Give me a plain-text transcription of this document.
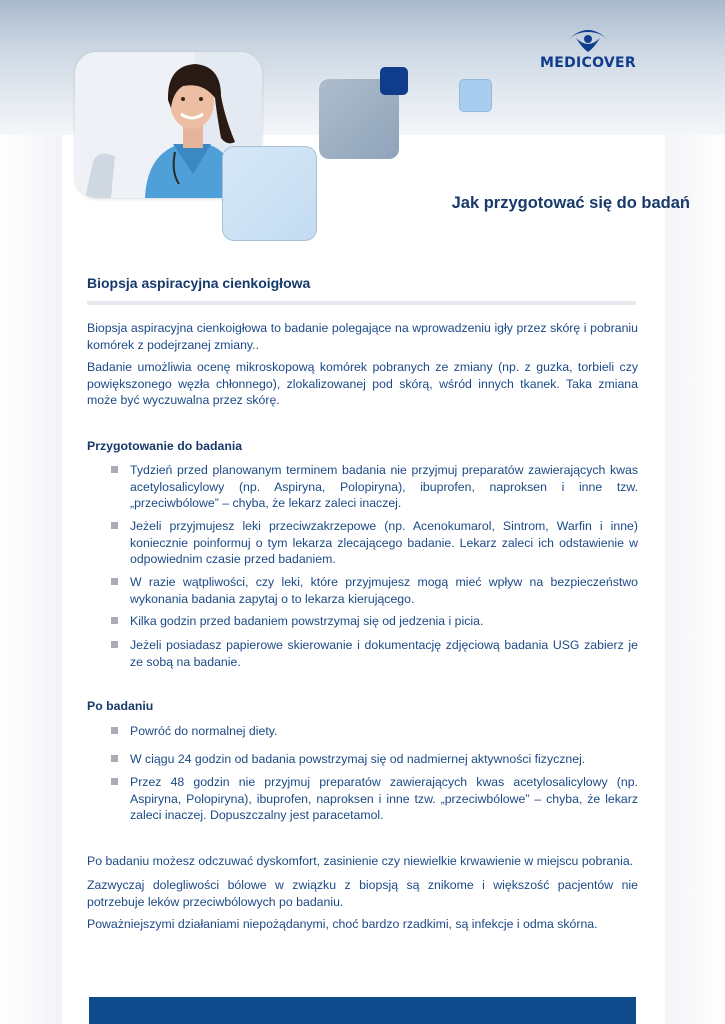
MEDICOVER
Jak przygotować się do badań
Biopsja aspiracyjna cienkoigłowa

Biopsja aspiracyjna cienkoigłowa to badanie polegające na wprowadzeniu igły przez skórę i pobraniu komórek z podejrzanej zmiany..

Badanie umożliwia ocenę mikroskopową komórek pobranych ze zmiany (np. z guzka, torbieli czy powiększonego węzła chłonnego), zlokalizowanej pod skórą, wśród innych tkanek. Taka zmiana może być wyczuwalna przez skórę.

Przygotowanie do badania
Tydzień przed planowanym terminem badania nie przyjmuj preparatów zawierających kwas acetylosalicylowy (np. Aspiryna, Polopiryna), ibuprofen, naproksen i inne tzw. „przeciwbólowe” – chyba, że lekarz zaleci inaczej.
Jeżeli przyjmujesz leki przeciwzakrzepowe (np. Acenokumarol, Sintrom, Warfin i inne) koniecznie poinformuj o tym lekarza zlecającego badanie. Lekarz zaleci ich odstawienie w odpowiednim czasie przed badaniem.
W razie wątpliwości, czy leki, które przyjmujesz mogą mieć wpływ na bezpieczeństwo wykonania badania zapytaj o to lekarza kierującego.
Kilka godzin przed badaniem powstrzymaj się od jedzenia i picia.
Jeżeli posiadasz papierowe skierowanie i dokumentację zdjęciową badania USG zabierz je ze sobą na badanie.
Po badaniu
Powróć do normalnej diety.
W ciągu 24 godzin od badania powstrzymaj się od nadmiernej aktywności fizycznej.
Przez 48 godzin nie przyjmuj preparatów zawierających kwas acetylosalicylowy (np. Aspiryna, Polopiryna), ibuprofen, naproksen i inne tzw. „przeciwbólowe” – chyba, że lekarz zaleci inaczej. Dopuszczalny jest paracetamol.

Po badaniu możesz odczuwać dyskomfort, zasinienie czy niewielkie krwawienie w miejscu pobrania.

Zazwyczaj dolegliwości bólowe w związku z biopsją są znikome i większość pacjentów nie potrzebuje leków przeciwbólowych po badaniu.

Poważniejszymi działaniami niepożądanymi, choć bardzo rzadkimi, są infekcje i odma skórna.
